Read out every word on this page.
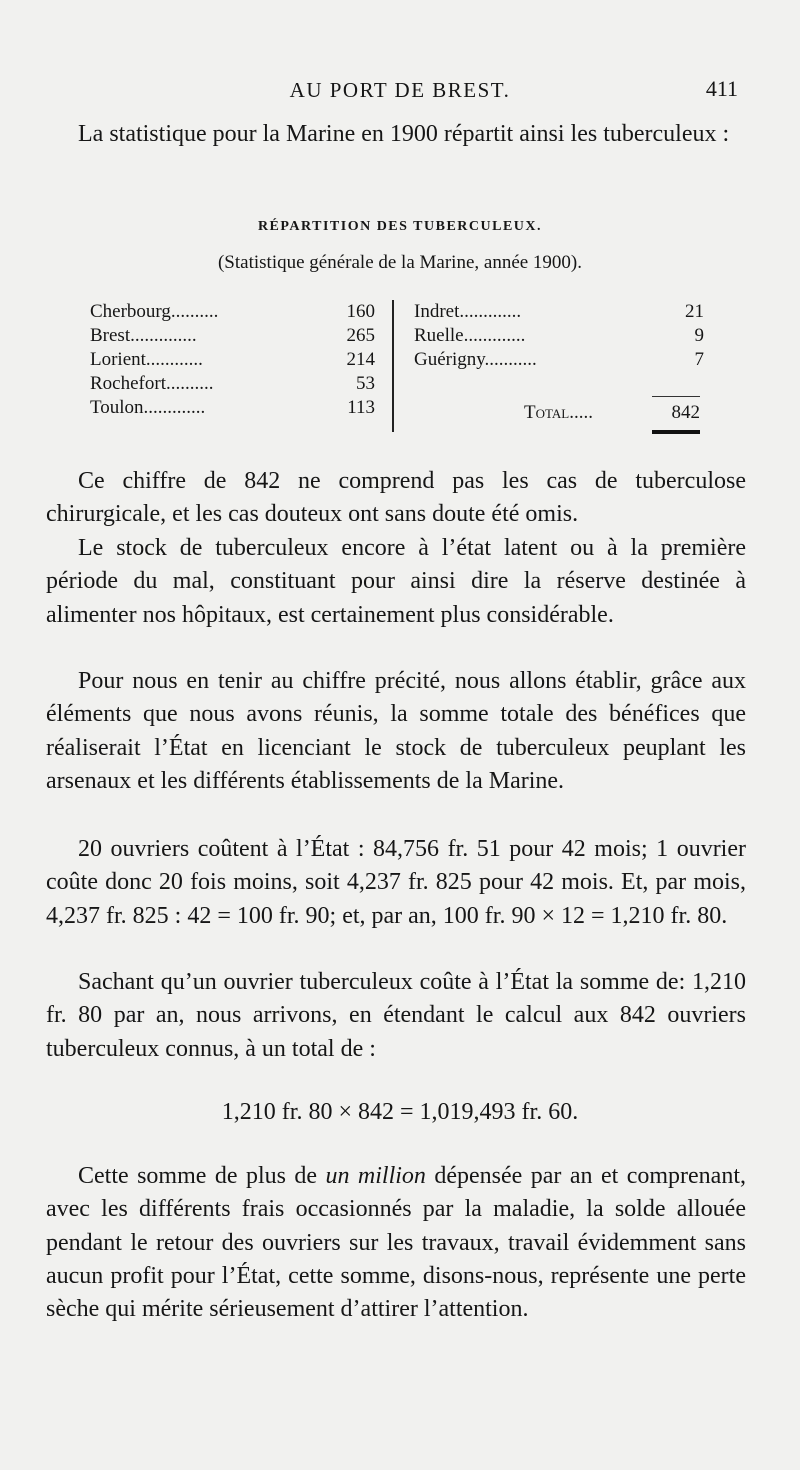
AU PORT DE BREST.	411

La statistique pour la Marine en 1900 répartit ainsi les tuberculeux :

RÉPARTITION DES TUBERCULEUX.
(Statistique générale de la Marine, année 1900).
Cherbourg..........	160
Brest..............	265
Lorient............	214
Rochefort..........	53
Toulon.............	113
Indret.............	21
Ruelle.............	9
Guérigny...........	7
Total.....	842

Ce chiffre de 842 ne comprend pas les cas de tuberculose chirurgicale, et les cas douteux ont sans doute été omis.

Le stock de tuberculeux encore à l’état latent ou à la première période du mal, constituant pour ainsi dire la réserve destinée à alimenter nos hôpitaux, est certainement plus considérable.

Pour nous en tenir au chiffre précité, nous allons établir, grâce aux éléments que nous avons réunis, la somme totale des bénéfices que réaliserait l’État en licenciant le stock de tuberculeux peuplant les arsenaux et les différents établissements de la Marine.

20 ouvriers coûtent à l’État : 84,756 fr. 51 pour 42 mois; 1 ouvrier coûte donc 20 fois moins, soit 4,237 fr. 825 pour 42 mois. Et, par mois, 4,237 fr. 825 : 42 = 100 fr. 90; et, par an, 100 fr. 90 × 12 = 1,210 fr. 80.

Sachant qu’un ouvrier tuberculeux coûte à l’État la somme de: 1,210 fr. 80 par an, nous arrivons, en étendant le calcul aux 842 ouvriers tuberculeux connus, à un total de :

1,210 fr. 80 × 842 = 1,019,493 fr. 60.

Cette somme de plus de un million dépensée par an et comprenant, avec les différents frais occasionnés par la maladie, la solde allouée pendant le retour des ouvriers sur les travaux, travail évidemment sans aucun profit pour l’État, cette somme, disons-nous, représente une perte sèche qui mérite sérieusement d’attirer l’attention.
